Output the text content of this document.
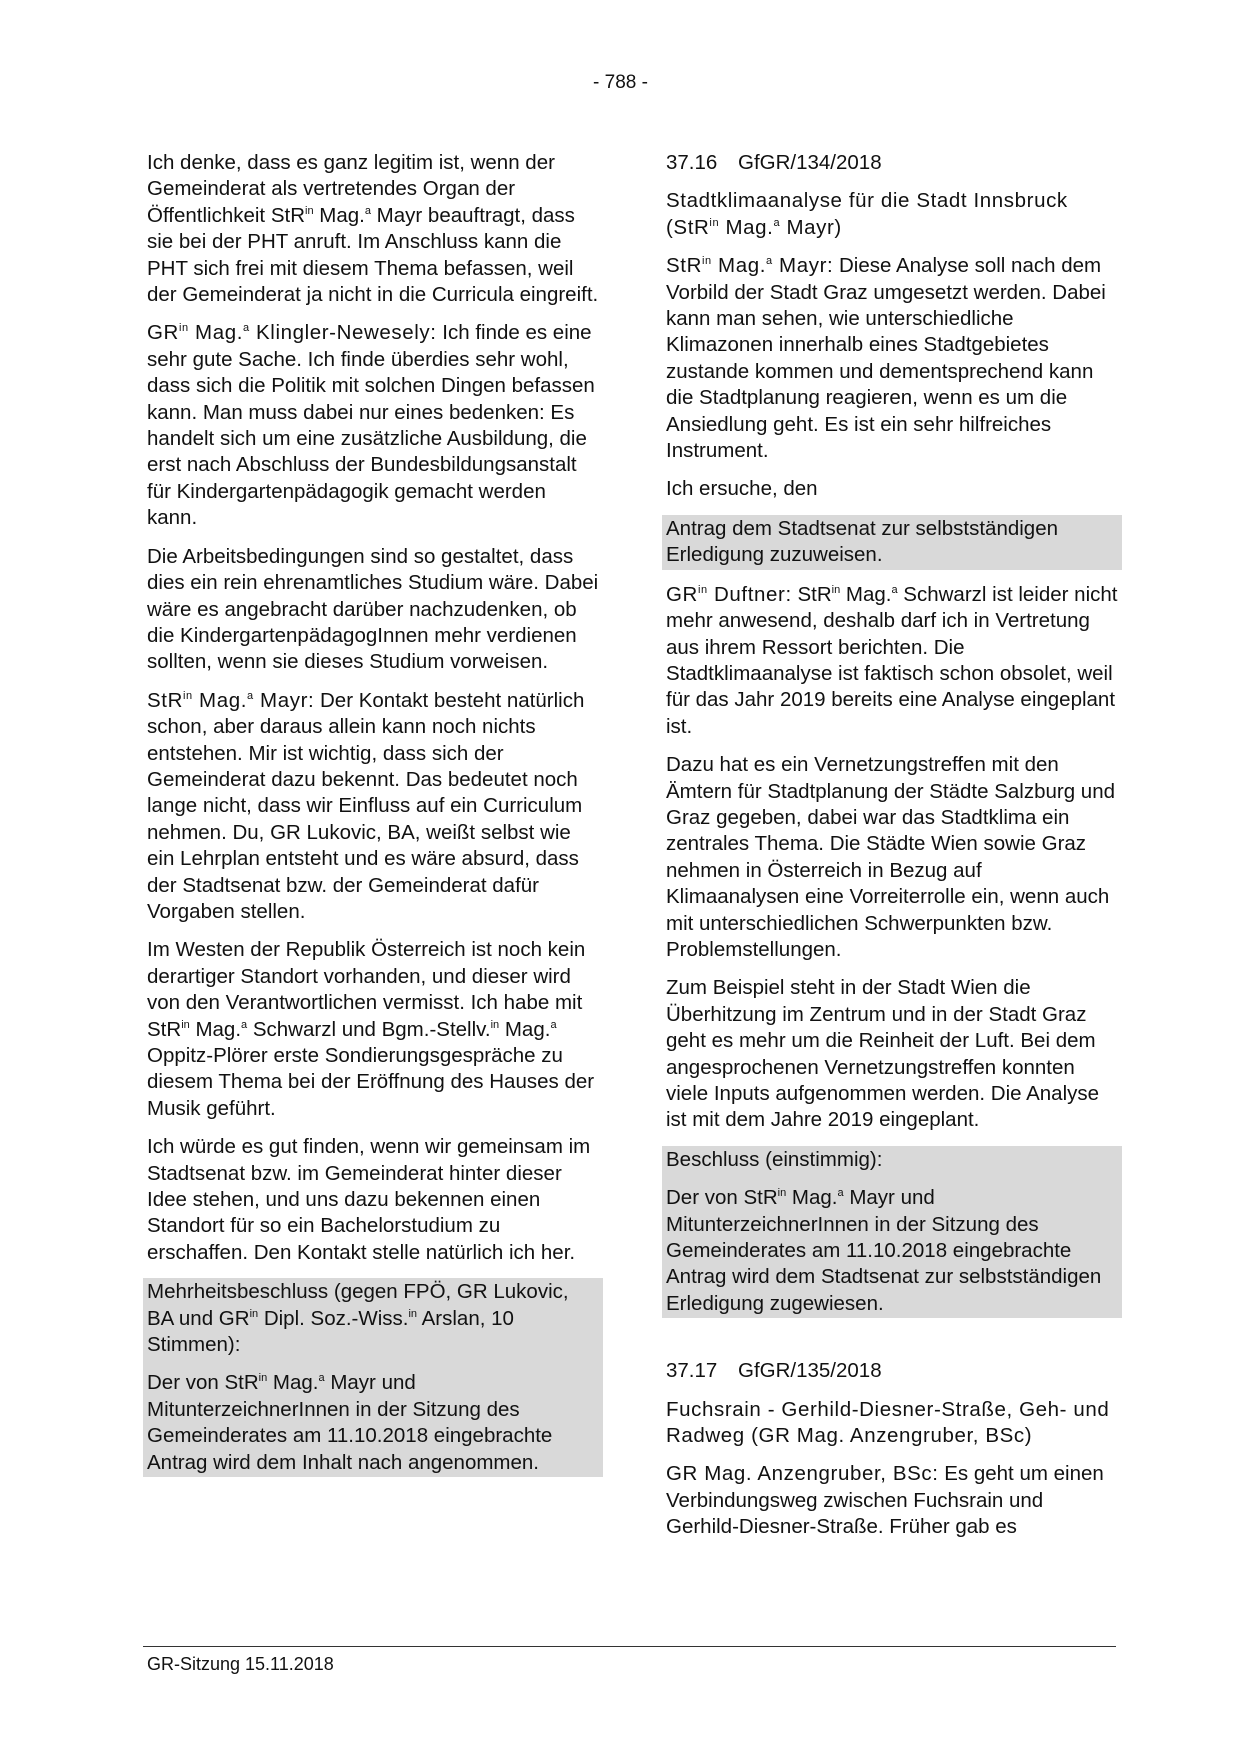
- 788 -

Ich denke, dass es ganz legitim ist, wenn der Gemeinderat als vertretendes Organ der Öffentlichkeit StR$^{in}$ Mag.$^a$ Mayr beauftragt, dass sie bei der PHT anruft. Im Anschluss kann die PHT sich frei mit diesem Thema befassen, weil der Gemeinderat ja nicht in die Curricula eingreift.

$GR^{in}$ Mag.$^a$ Klingler-Newesely: Ich finde es eine sehr gute Sache. Ich finde überdies sehr wohl, dass sich die Politik mit solchen Dingen befassen kann. Man muss dabei nur eines bedenken: Es handelt sich um eine zusätzliche Ausbildung, die erst nach Abschluss der Bundesbildungsanstalt für Kindergartenpädagogik gemacht werden kann.

Die Arbeitsbedingungen sind so gestaltet, dass dies ein rein ehrenamtliches Studium wäre. Dabei wäre es angebracht darüber nachzudenken, ob die KindergartenpädagogInnen mehr verdienen sollten, wenn sie dieses Studium vorweisen.

StR$^{in}$ Mag.$^a$ Mayr: Der Kontakt besteht natürlich schon, aber daraus allein kann noch nichts entstehen. Mir ist wichtig, dass sich der Gemeinderat dazu bekennt. Das bedeutet noch lange nicht, dass wir Einfluss auf ein Curriculum nehmen. Du, GR Lukovic, BA, weißt selbst wie ein Lehrplan entsteht und es wäre absurd, dass der Stadtsenat bzw. der Gemeinderat dafür Vorgaben stellen.

Im Westen der Republik Österreich ist noch kein derartiger Standort vorhanden, und dieser wird von den Verantwortlichen vermisst. Ich habe mit StR$^{in}$ Mag.$^a$ Schwarzl und Bgm.-Stellv.$^{in}$ Mag.$^a$ Oppitz-Plörer erste Sondierungsgespräche zu diesem Thema bei der Eröffnung des Hauses der Musik geführt.

Ich würde es gut finden, wenn wir gemeinsam im Stadtsenat bzw. im Gemeinderat hinter dieser Idee stehen, und uns dazu bekennen einen Standort für so ein Bachelorstudium zu erschaffen. Den Kontakt stelle natürlich ich her.

Mehrheitsbeschluss (gegen FPÖ, GR Lukovic, BA und $GR^{in}$ Dipl. Soz.-Wiss.$^{in}$ Arslan, 10 Stimmen):

Der von StR$^{in}$ Mag.$^a$ Mayr und MitunterzeichnerInnen in der Sitzung des Gemeinderates am 11.10.2018 eingebrachte Antrag wird dem Inhalt nach angenommen.

37.16 GfGR/134/2018

Stadtklimaanalyse für die Stadt Innsbruck (StR$^{in}$ Mag.$^a$ Mayr)

StR$^{in}$ Mag.$^a$ Mayr: Diese Analyse soll nach dem Vorbild der Stadt Graz umgesetzt werden. Dabei kann man sehen, wie unterschiedliche Klimazonen innerhalb eines Stadtgebietes zustande kommen und dementsprechend kann die Stadtplanung reagieren, wenn es um die Ansiedlung geht. Es ist ein sehr hilfreiches Instrument.

Ich ersuche, den

Antrag dem Stadtsenat zur selbstständigen Erledigung zuzuweisen.

$GR^{in}$ Duftner: StR$^{in}$ Mag.$^a$ Schwarzl ist leider nicht mehr anwesend, deshalb darf ich in Vertretung aus ihrem Ressort berichten. Die Stadtklimaanalyse ist faktisch schon obsolet, weil für das Jahr 2019 bereits eine Analyse eingeplant ist.

Dazu hat es ein Vernetzungstreffen mit den Ämtern für Stadtplanung der Städte Salzburg und Graz gegeben, dabei war das Stadtklima ein zentrales Thema. Die Städte Wien sowie Graz nehmen in Österreich in Bezug auf Klimaanalysen eine Vorreiterrolle ein, wenn auch mit unterschiedlichen Schwerpunkten bzw. Problemstellungen.

Zum Beispiel steht in der Stadt Wien die Überhitzung im Zentrum und in der Stadt Graz geht es mehr um die Reinheit der Luft. Bei dem angesprochenen Vernetzungstreffen konnten viele Inputs aufgenommen werden. Die Analyse ist mit dem Jahre 2019 eingeplant.

Beschluss (einstimmig):

Der von StR$^{in}$ Mag.$^a$ Mayr und MitunterzeichnerInnen in der Sitzung des Gemeinderates am 11.10.2018 eingebrachte Antrag wird dem Stadtsenat zur selbstständigen Erledigung zugewiesen.

37.17 GfGR/135/2018

Fuchsrain - Gerhild-Diesner-Straße, Geh- und Radweg (GR Mag. Anzengruber, BSc)

GR Mag. Anzengruber, BSc: Es geht um einen Verbindungsweg zwischen Fuchsrain und Gerhild-Diesner-Straße. Früher gab es

GR-Sitzung 15.11.2018
